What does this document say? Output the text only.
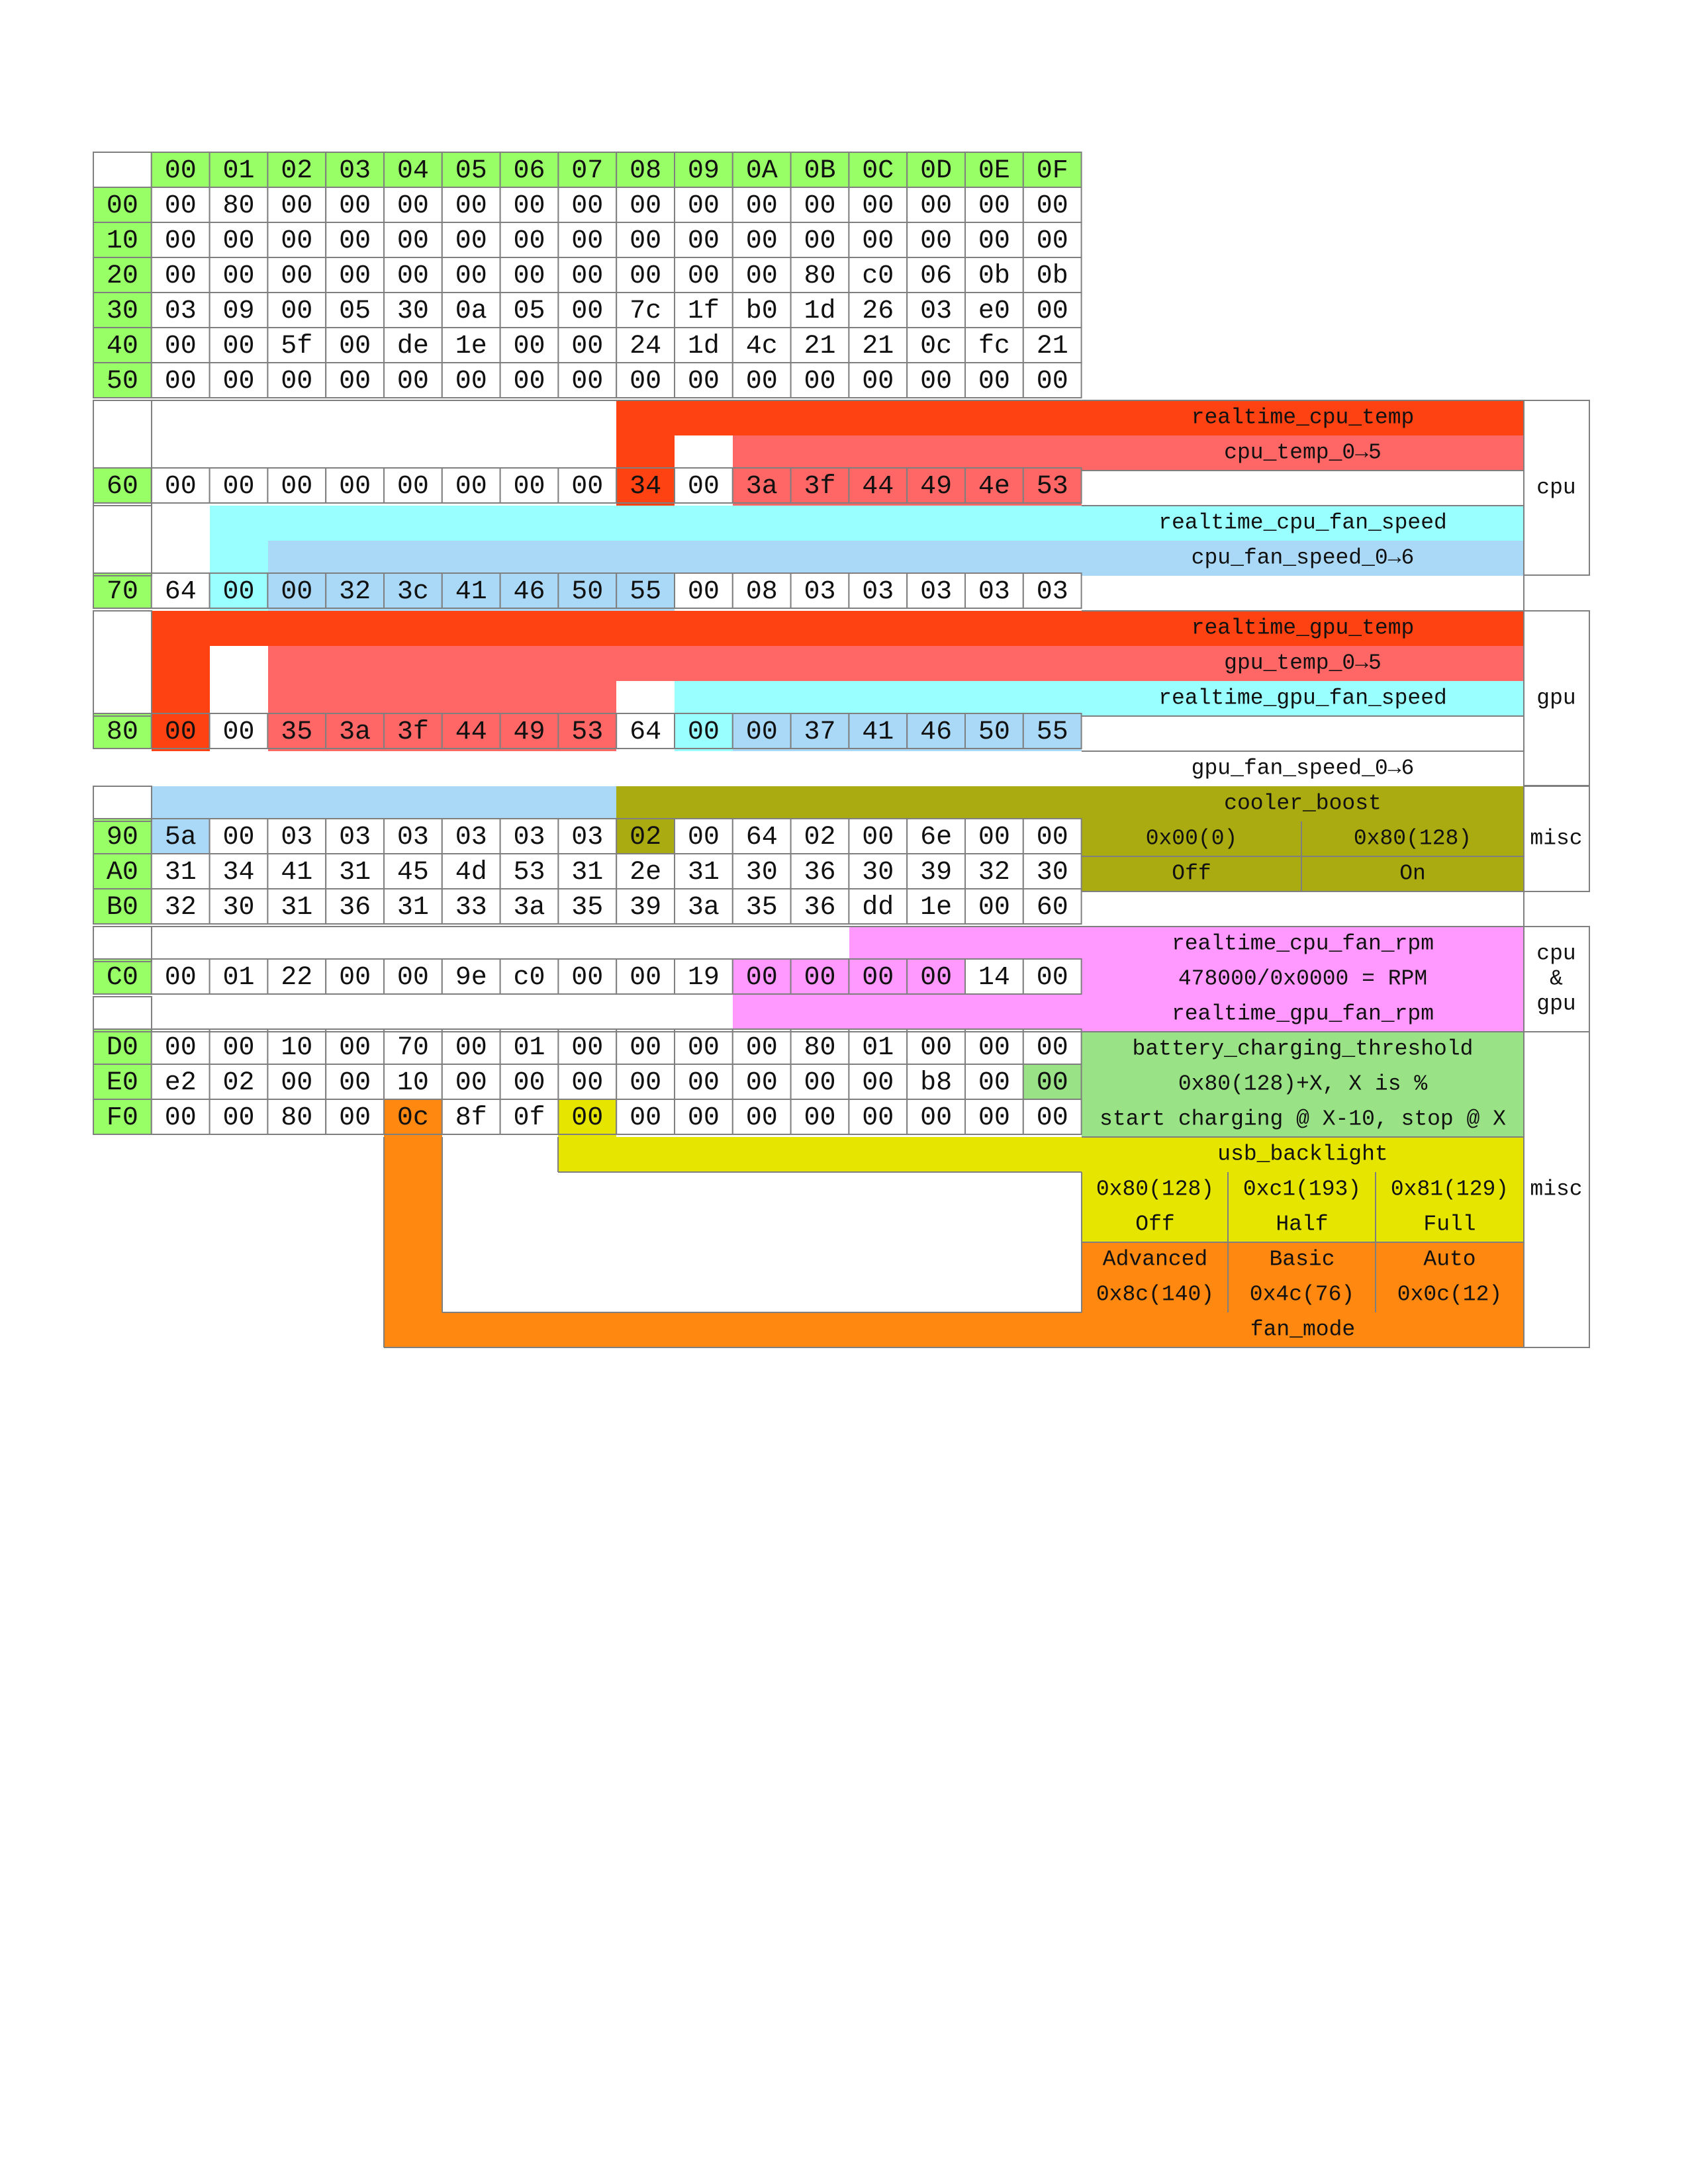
00 01 02 03 04 05 06 07 08 09 0A 0B 0C 0D 0E 0F
00 00 80 00 00 00 00 00 00 00 00 00 00 00 00 00 00
10 00 00 00 00 00 00 00 00 00 00 00 00 00 00 00 00
20 00 00 00 00 00 00 00 00 00 00 00 80 c0 06 0b 0b
30 03 09 00 05 30 0a 05 00 7c 1f b0 1d 26 03 e0 00
40 00 00 5f 00 de 1e 00 00 24 1d 4c 21 21 0c fc 21
50 00 00 00 00 00 00 00 00 00 00 00 00 00 00 00 00
60 00 00 00 00 00 00 00 00 34 00 3a 3f 44 49 4e 53
70 64 00 00 32 3c 41 46 50 55 00 08 03 03 03 03 03
80 00 00 35 3a 3f 44 49 53 64 00 00 37 41 46 50 55
90 5a 00 03 03 03 03 03 03 02 00 64 02 00 6e 00 00
A0 31 34 41 31 45 4d 53 31 2e 31 30 36 30 39 32 30
B0 32 30 31 36 31 33 3a 35 39 3a 35 36 dd 1e 00 60
C0 00 01 22 00 00 9e c0 00 00 19 00 00 00 00 14 00
D0 00 00 10 00 70 00 01 00 00 00 00 80 01 00 00 00
E0 e2 02 00 00 10 00 00 00 00 00 00 00 00 b8 00 00
F0 00 00 80 00 0c 8f 0f 00 00 00 00 00 00 00 00 00
realtime_cpu_temp
cpu_temp_0→5
realtime_cpu_fan_speed
cpu_fan_speed_0→6
realtime_gpu_temp
gpu_temp_0→5
realtime_gpu_fan_speed
gpu_fan_speed_0→6
cooler_boost
0x00(0)	0x80(128)
Off	On
realtime_cpu_fan_rpm
478000/0x0000 = RPM
realtime_gpu_fan_rpm
battery_charging_threshold
0x80(128)+X, X is %
start charging @ X-10, stop @ X
usb_backlight
0x80(128) 0xc1(193) 0x81(129)
Off	Half	Full
Advanced	Basic	Auto
0x8c(140) 0x4c(76) 0x0c(12)
fan_mode
cpu
gpu
misc
cpu
&
gpu
misc
